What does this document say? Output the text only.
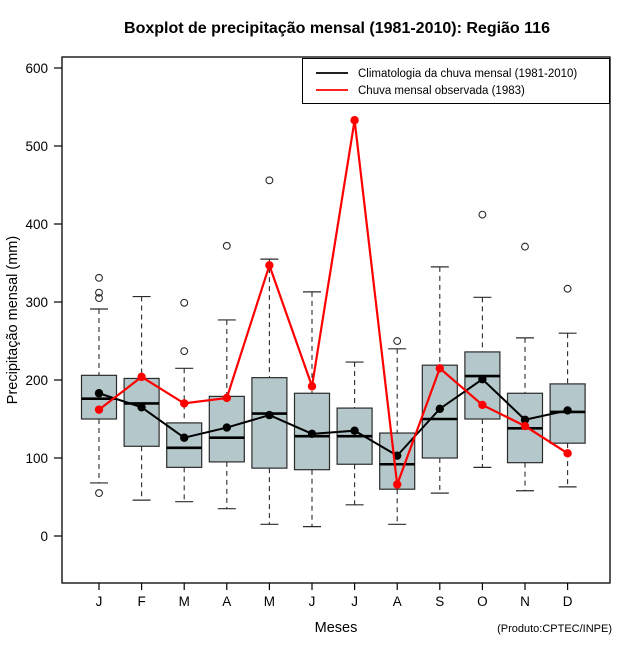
Boxplot de precipitação mensal (1981-2010): Região 116
Precipitação mensal (mm)
Meses	(Produto:CPTEC/INPE)
0
100
200
300
400
500
600
J	F M A M J	J	A S O N D
Climatologia da chuva mensal (1981-2010)
Chuva mensal observada (1983)
